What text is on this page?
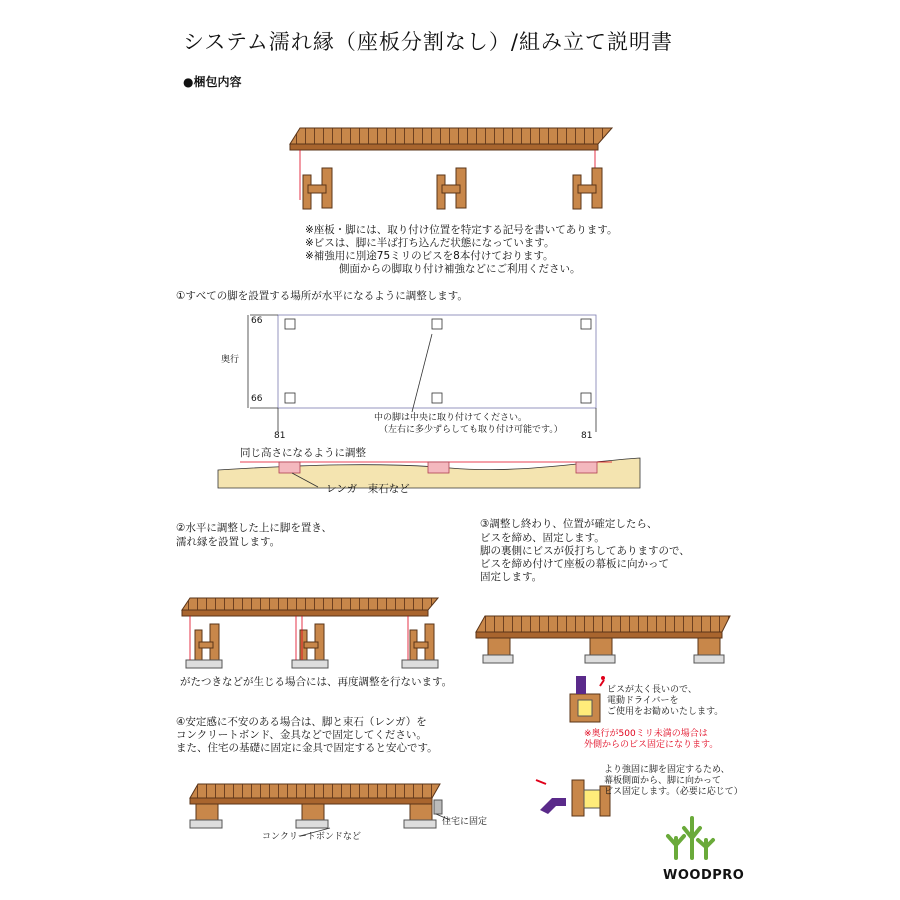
システム濡れ縁（座板分割なし）/組み立て説明書
●梱包内容
※座板・脚には、取り付け位置を特定する記号を書いてあります。
※ビスは、脚に半ば打ち込んだ状態になっています。
※補強用に別途75ミリのビスを8本付けております。
側面からの脚取り付け補強などにご利用ください。
①すべての脚を設置する場所が水平になるように調整します。
66
66
奥行
81	81
中の脚は中央に取り付けてください。
（左右に多少ずらしても取り付け可能です。）
同じ高さになるように調整
レンガ　束石など
②水平に調整した上に脚を置き、
濡れ縁を設置します。
がたつきなどが生じる場合には、再度調整を行ないます。
③調整し終わり、位置が確定したら、
ビスを締め、固定します。
脚の裏側にビスが仮打ちしてありますので、
ビスを締め付けて座板の幕板に向かって
固定します。
ビスが太く長いので、
電動ドライバーを
ご使用をお勧めいたします。
※奥行が500ミリ未満の場合は
外側からのビス固定になります。
より強固に脚を固定するため、
幕板側面から、脚に向かって
ビス固定します。（必要に応じて）
④安定感に不安のある場合は、脚と束石（レンガ）を
コンクリートボンド、金具などで固定してください。
また、住宅の基礎に固定に金具で固定すると安心です。
コンクリートボンドなど
住宅に固定
WOODPRO
